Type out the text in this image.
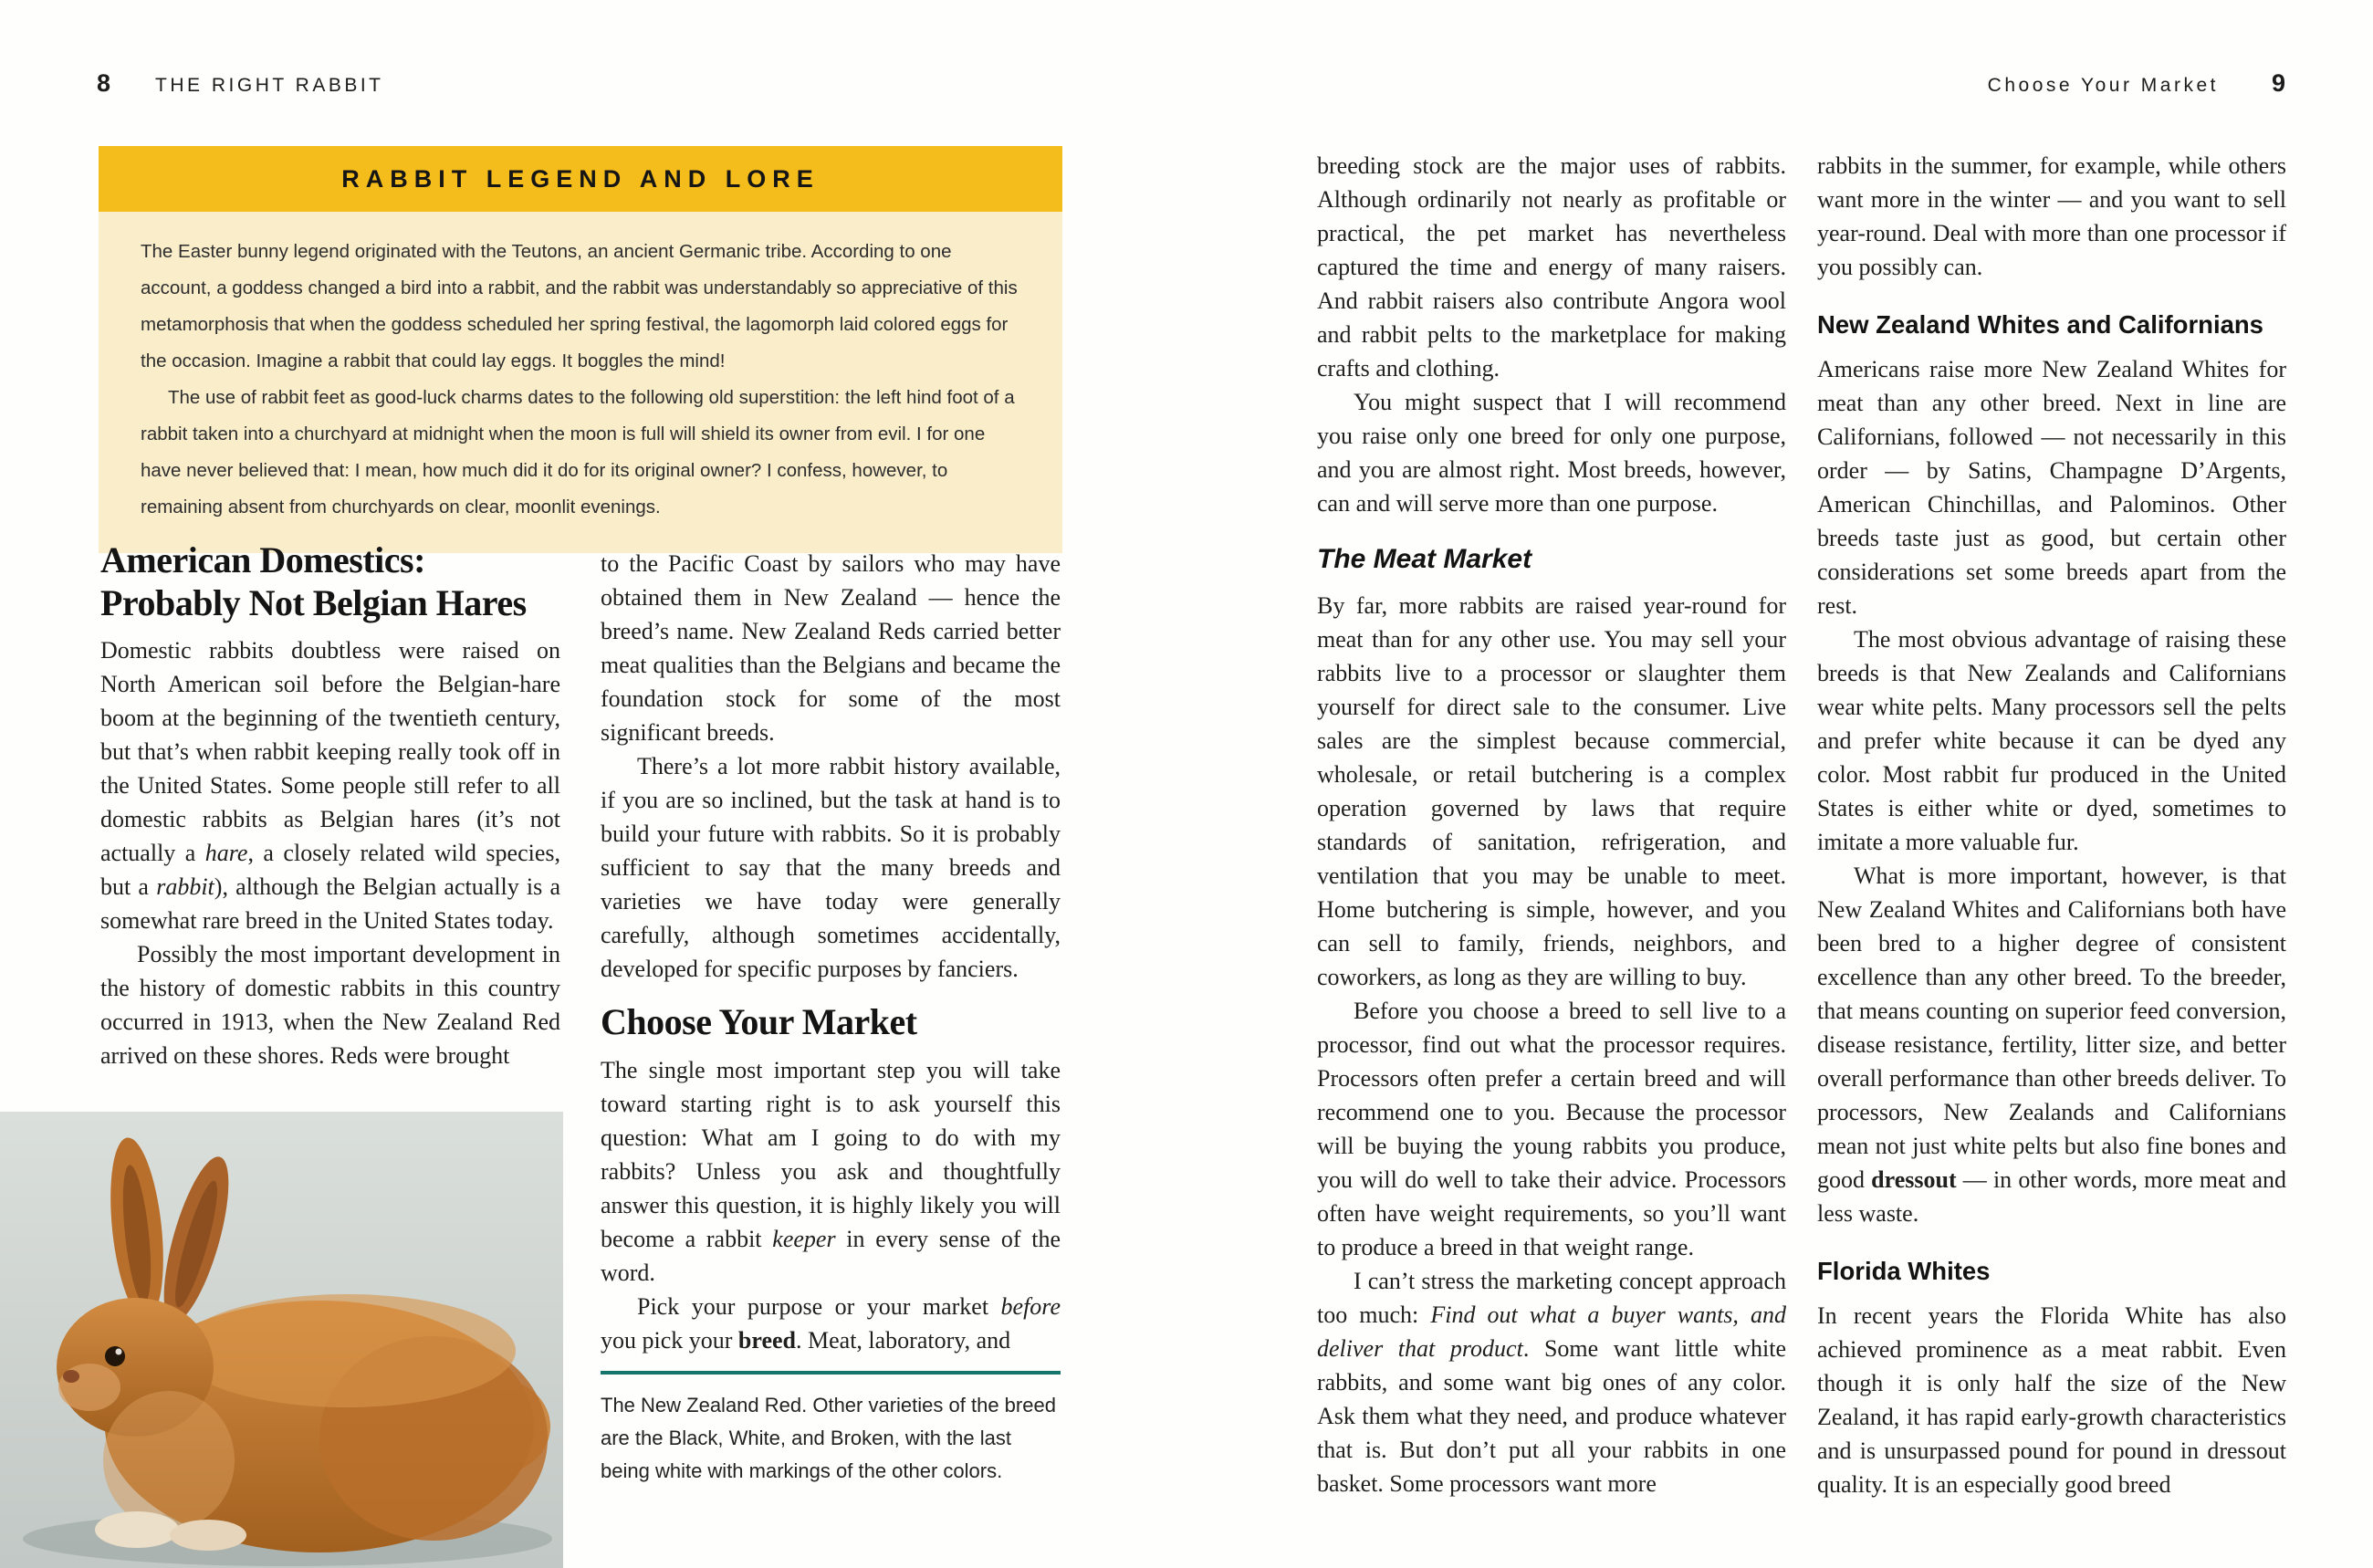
8 THE RIGHT RABBIT
RABBIT LEGEND AND LORE

The Easter bunny legend originated with the Teutons, an ancient Germanic tribe. According to one account, a goddess changed a bird into a rabbit, and the rabbit was understandably so appreciative of this metamorphosis that when the goddess scheduled her spring festival, the lagomorph laid colored eggs for the occasion. Imagine a rabbit that could lay eggs. It boggles the mind!

The use of rabbit feet as good-luck charms dates to the following old superstition: the left hind foot of a rabbit taken into a churchyard at midnight when the moon is full will shield its owner from evil. I for one have never believed that: I mean, how much did it do for its original owner? I confess, however, to remaining absent from churchyards on clear, moonlit evenings.

American Domestics:
Probably Not Belgian Hares

Domestic rabbits doubtless were raised on North American soil before the Belgian-hare boom at the beginning of the twentieth century, but that’s when rabbit keeping really took off in the United States. Some people still refer to all domestic rabbits as Belgian hares (it’s not actually a hare, a closely related wild species, but a rabbit), although the Belgian actually is a somewhat rare breed in the United States today.

Possibly the most important development in the history of domestic rabbits in this country occurred in 1913, when the New Zealand Red arrived on these shores. Reds were brought

to the Pacific Coast by sailors who may have obtained them in New Zealand — hence the breed’s name. New Zealand Reds carried better meat qualities than the Belgians and became the foundation stock for some of the most significant breeds.

There’s a lot more rabbit history available, if you are so inclined, but the task at hand is to build your future with rabbits. So it is probably sufficient to say that the many breeds and varieties we have today were generally carefully, although sometimes accidentally, developed for specific purposes by fanciers.

Choose Your Market

The single most important step you will take toward starting right is to ask yourself this question: What am I going to do with my rabbits? Unless you ask and thoughtfully answer this question, it is highly likely you will become a rabbit keeper in every sense of the word.

Pick your purpose or your market before you pick your breed. Meat, laboratory, and

The New Zealand Red. Other varieties of the breed are the Black, White, and Broken, with the last being white with markings of the other colors.

Choose Your Market 9

breeding stock are the major uses of rabbits. Although ordinarily not nearly as profitable or practical, the pet market has nevertheless captured the time and energy of many raisers. And rabbit raisers also contribute Angora wool and rabbit pelts to the marketplace for making crafts and clothing.

You might suspect that I will recommend you raise only one breed for only one purpose, and you are almost right. Most breeds, however, can and will serve more than one purpose.

The Meat Market

By far, more rabbits are raised year-round for meat than for any other use. You may sell your rabbits live to a processor or slaughter them yourself for direct sale to the consumer. Live sales are the simplest because commercial, wholesale, or retail butchering is a complex operation governed by laws that require standards of sanitation, refrigeration, and ventilation that you may be unable to meet. Home butchering is simple, however, and you can sell to family, friends, neighbors, and coworkers, as long as they are willing to buy.

Before you choose a breed to sell live to a processor, find out what the processor requires. Processors often prefer a certain breed and will recommend one to you. Because the processor will be buying the young rabbits you produce, you will do well to take their advice. Processors often have weight requirements, so you’ll want to produce a breed in that weight range.

I can’t stress the marketing concept approach too much: Find out what a buyer wants, and deliver that product. Some want little white rabbits, and some want big ones of any color. Ask them what they need, and produce whatever that is. But don’t put all your rabbits in one basket. Some processors want more

rabbits in the summer, for example, while others want more in the winter — and you want to sell year-round. Deal with more than one processor if you possibly can.

New Zealand Whites and Californians

Americans raise more New Zealand Whites for meat than any other breed. Next in line are Californians, followed — not necessarily in this order — by Satins, Champagne D’Argents, American Chinchillas, and Palominos. Other breeds taste just as good, but certain other considerations set some breeds apart from the rest.

The most obvious advantage of raising these breeds is that New Zealands and Californians wear white pelts. Many processors sell the pelts and prefer white because it can be dyed any color. Most rabbit fur produced in the United States is either white or dyed, sometimes to imitate a more valuable fur.

What is more important, however, is that New Zealand Whites and Californians both have been bred to a higher degree of consistent excellence than any other breed. To the breeder, that means counting on superior feed conversion, disease resistance, fertility, litter size, and better overall performance than other breeds deliver. To processors, New Zealands and Californians mean not just white pelts but also fine bones and good dressout — in other words, more meat and less waste.

Florida Whites

In recent years the Florida White has also achieved prominence as a meat rabbit. Even though it is only half the size of the New Zealand, it has rapid early-growth characteristics and is unsurpassed pound for pound in dressout quality. It is an especially good breed
